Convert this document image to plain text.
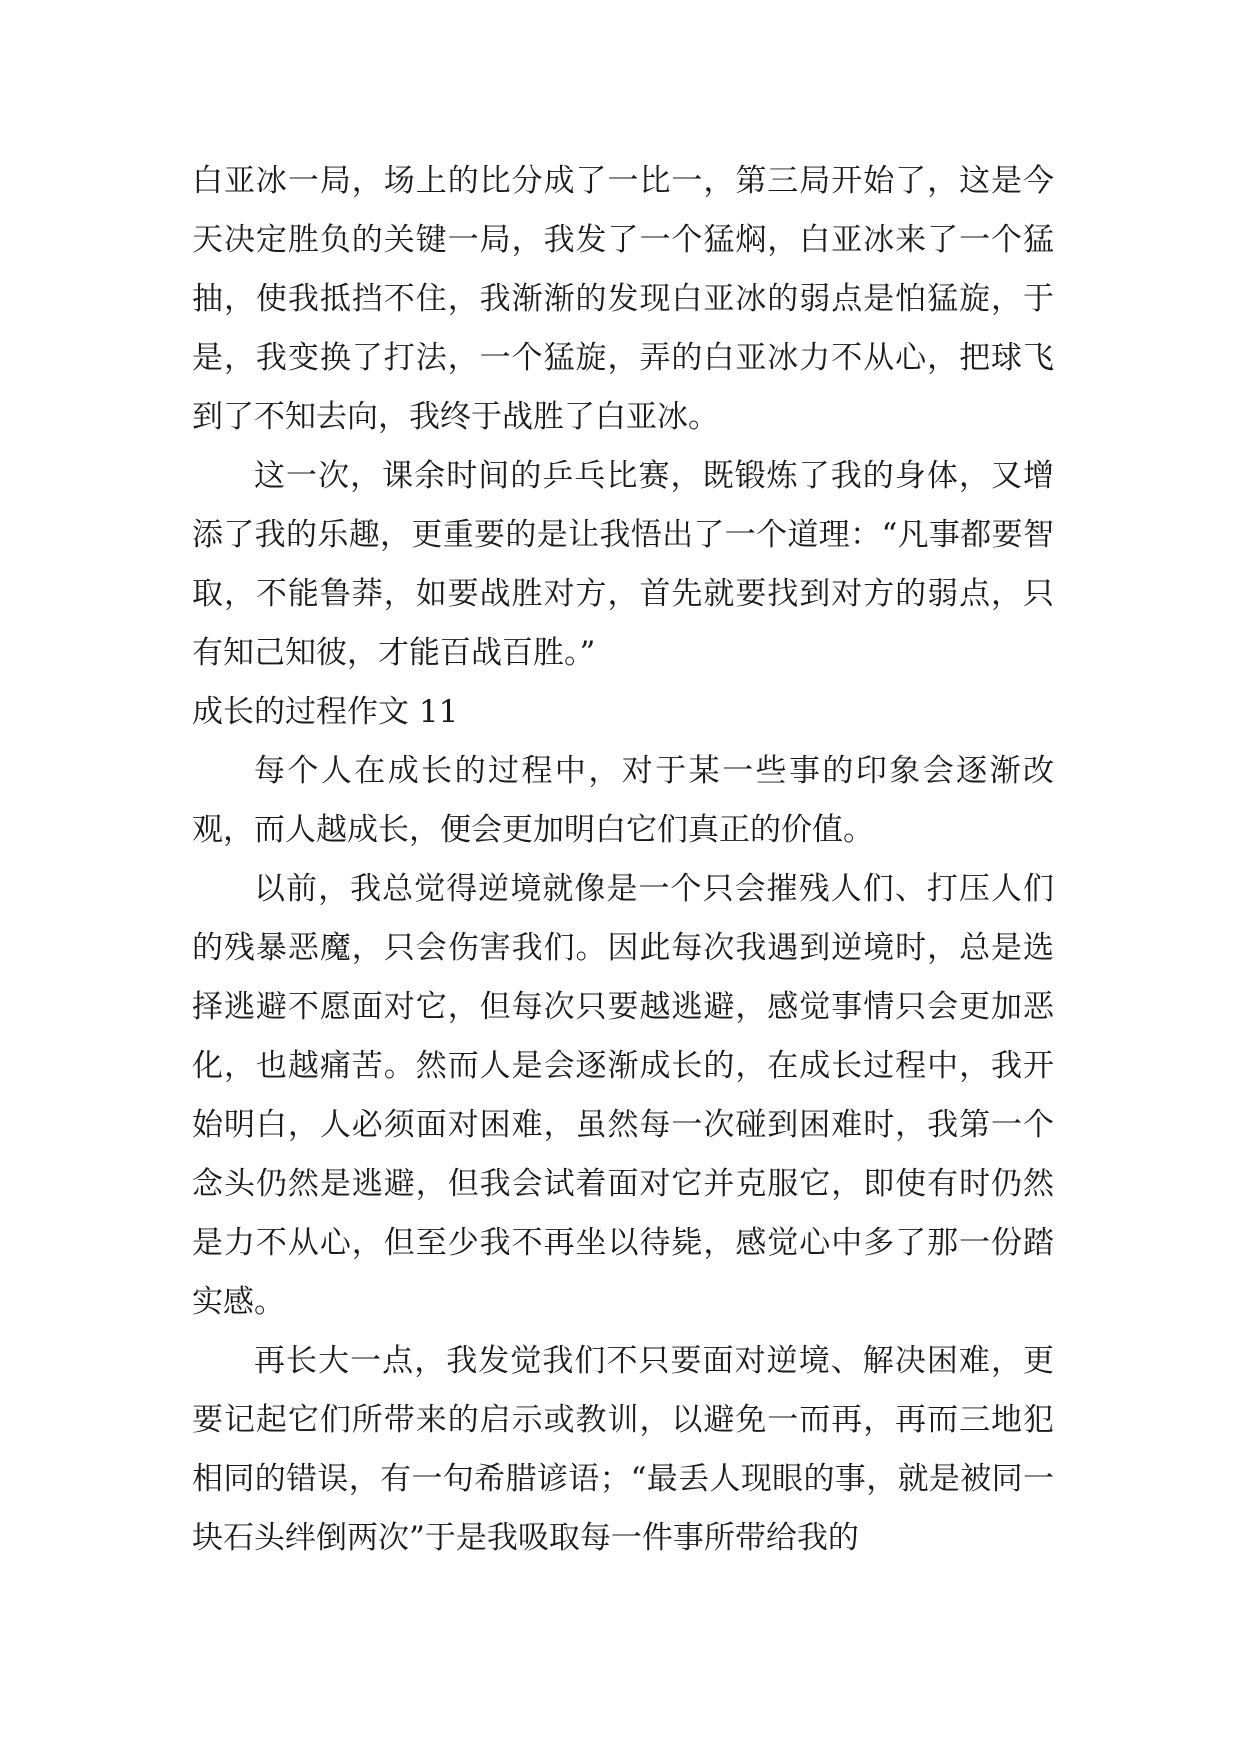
白亚冰一局，场上的比分成了一比一，第三局开始了，这是今天决定胜负的关键一局，我发了一个猛焖，白亚冰来了一个猛抽，使我抵挡不住，我渐渐的发现白亚冰的弱点是怕猛旋，于是，我变换了打法，一个猛旋，弄的白亚冰力不从心，把球飞到了不知去向，我终于战胜了白亚冰。

这一次，课余时间的乒乓比赛，既锻炼了我的身体，又增添了我的乐趣，更重要的是让我悟出了一个道理：“凡事都要智取，不能鲁莽，如要战胜对方，首先就要找到对方的弱点，只有知己知彼，才能百战百胜。”

成长的过程作文 11

每个人在成长的过程中，对于某一些事的印象会逐渐改观，而人越成长，便会更加明白它们真正的价值。

以前，我总觉得逆境就像是一个只会摧残人们、打压人们的残暴恶魔，只会伤害我们。因此每次我遇到逆境时，总是选择逃避不愿面对它，但每次只要越逃避，感觉事情只会更加恶化，也越痛苦。然而人是会逐渐成长的，在成长过程中，我开始明白，人必须面对困难，虽然每一次碰到困难时，我第一个念头仍然是逃避，但我会试着面对它并克服它，即使有时仍然是力不从心，但至少我不再坐以待毙，感觉心中多了那一份踏实感。

再长大一点，我发觉我们不只要面对逆境、解决困难，更要记起它们所带来的启示或教训，以避免一而再，再而三地犯相同的错误，有一句希腊谚语；“最丢人现眼的事，就是被同一块石头绊倒两次”于是我吸取每一件事所带给我的
